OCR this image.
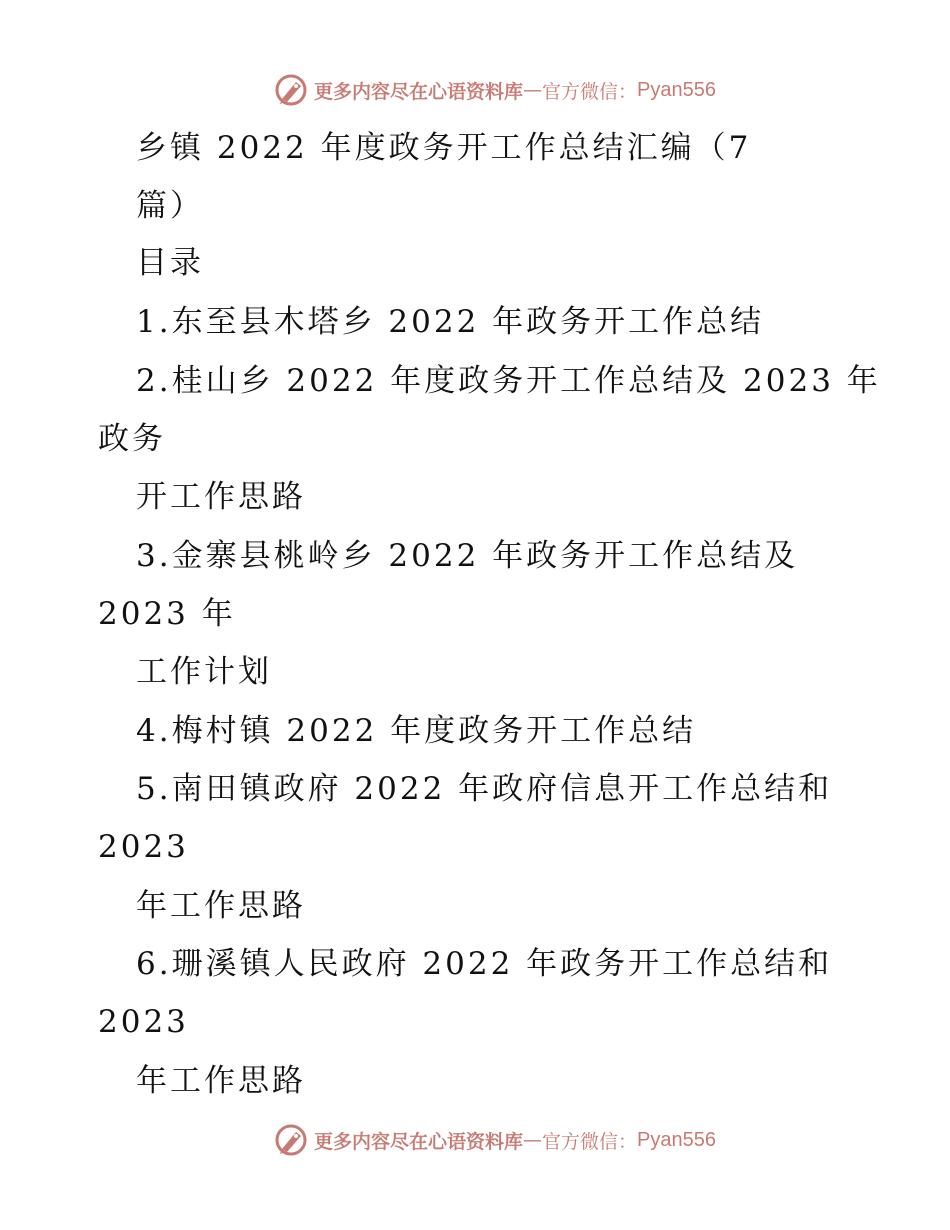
更多内容尽在心语资料库 — 官方微信： Pyan556
乡镇 2022 年度政务开工作总结汇编（7
篇）
目录
1.东至县木塔乡 2022 年政务开工作总结
2.桂山乡 2022 年度政务开工作总结及 2023 年
政务
开工作思路
3.金寨县桃岭乡 2022 年政务开工作总结及
2023 年
工作计划
4.梅村镇 2022 年度政务开工作总结
5.南田镇政府 2022 年政府信息开工作总结和
2023
年工作思路
6.珊溪镇人民政府 2022 年政务开工作总结和
2023
年工作思路
更多内容尽在心语资料库 — 官方微信： Pyan556
